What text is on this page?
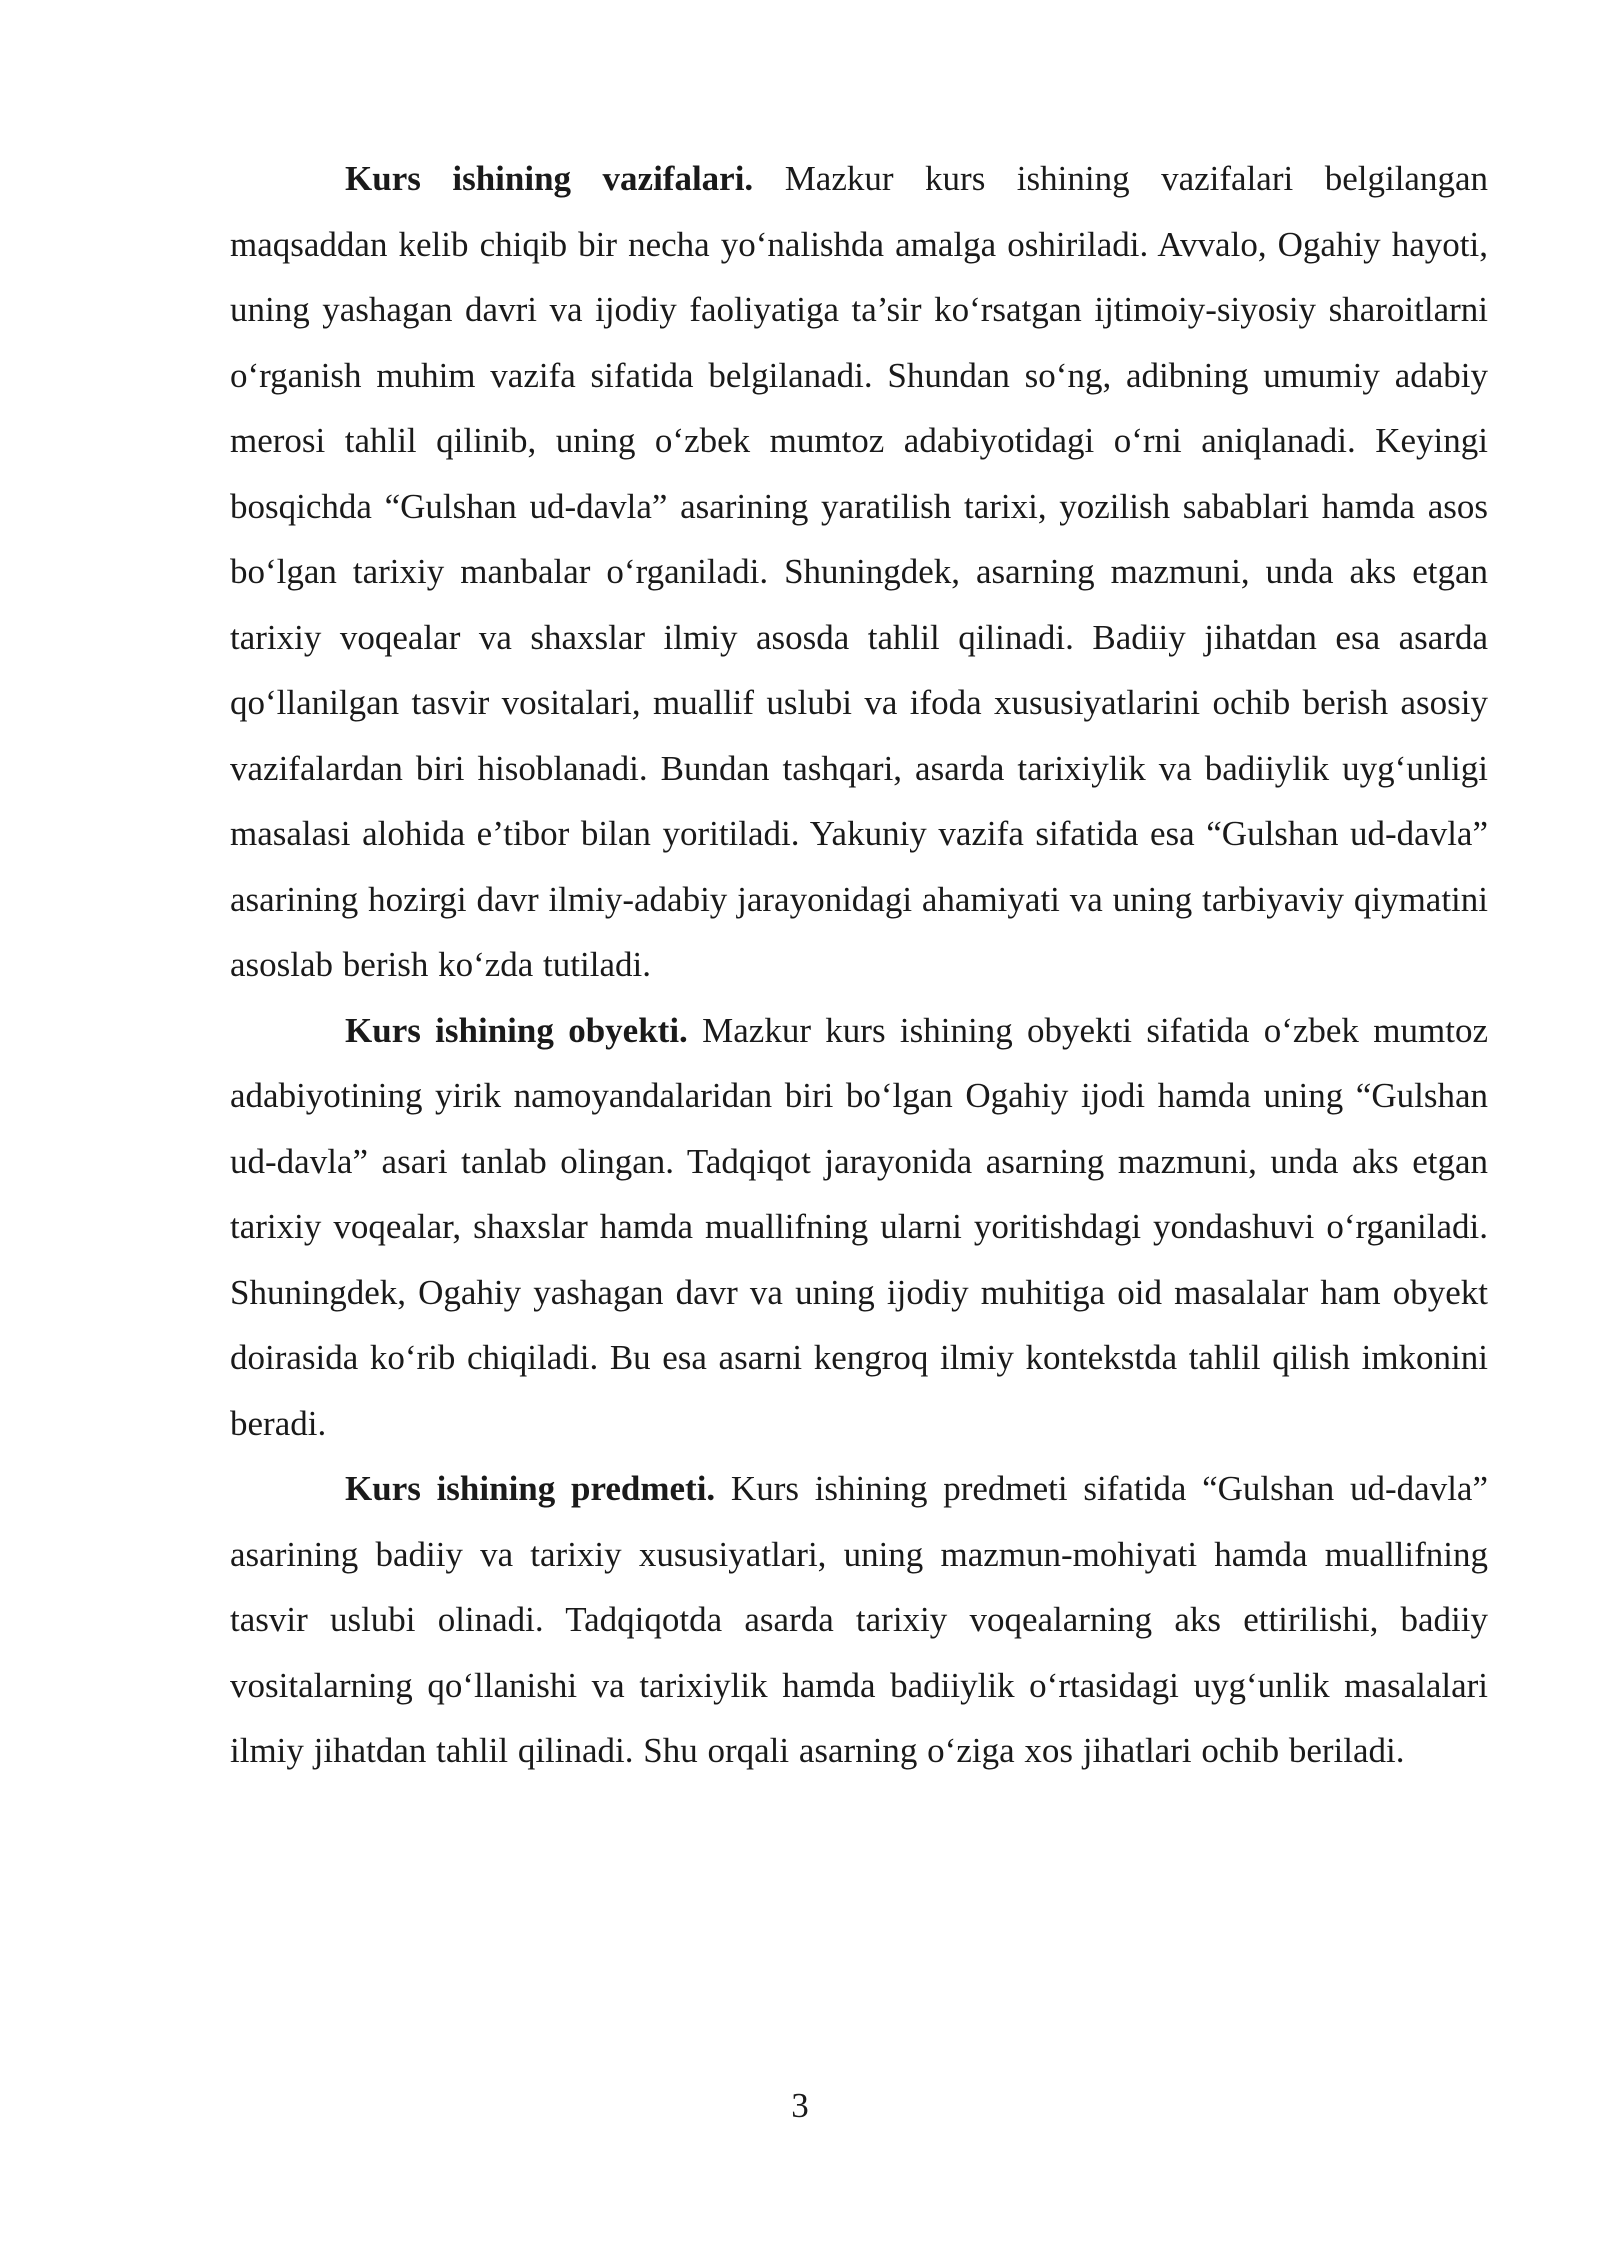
Kurs ishining vazifalari. Mazkur kurs ishining vazifalari belgilangan maqsaddan kelib chiqib bir necha yo‘nalishda amalga oshiriladi. Avvalo, Ogahiy hayoti, uning yashagan davri va ijodiy faoliyatiga ta’sir ko‘rsatgan ijtimoiy-siyosiy sharoitlarni o‘rganish muhim vazifa sifatida belgilanadi. Shundan so‘ng, adibning umumiy adabiy merosi tahlil qilinib, uning o‘zbek mumtoz adabiyotidagi o‘rni aniqlanadi. Keyingi bosqichda “Gulshan ud-davla” asarining yaratilish tarixi, yozilish sabablari hamda asos bo‘lgan tarixiy manbalar o‘rganiladi. Shuningdek, asarning mazmuni, unda aks etgan tarixiy voqealar va shaxslar ilmiy asosda tahlil qilinadi. Badiiy jihatdan esa asarda qo‘llanilgan tasvir vositalari, muallif uslubi va ifoda xususiyatlarini ochib berish asosiy vazifalardan biri hisoblanadi. Bundan tashqari, asarda tarixiylik va badiiylik uyg‘unligi masalasi alohida e’tibor bilan yoritiladi. Yakuniy vazifa sifatida esa “Gulshan ud-davla” asarining hozirgi davr ilmiy-adabiy jarayonidagi ahamiyati va uning tarbiyaviy qiymatini asoslab berish ko‘zda tutiladi.

Kurs ishining obyekti. Mazkur kurs ishining obyekti sifatida o‘zbek mumtoz adabiyotining yirik namoyandalaridan biri bo‘lgan Ogahiy ijodi hamda uning “Gulshan ud-davla” asari tanlab olingan. Tadqiqot jarayonida asarning mazmuni, unda aks etgan tarixiy voqealar, shaxslar hamda muallifning ularni yoritishdagi yondashuvi o‘rganiladi. Shuningdek, Ogahiy yashagan davr va uning ijodiy muhitiga oid masalalar ham obyekt doirasida ko‘rib chiqiladi. Bu esa asarni kengroq ilmiy kontekstda tahlil qilish imkonini beradi.

Kurs ishining predmeti. Kurs ishining predmeti sifatida “Gulshan ud-davla” asarining badiiy va tarixiy xususiyatlari, uning mazmun-mohiyati hamda muallifning tasvir uslubi olinadi. Tadqiqotda asarda tarixiy voqealarning aks ettirilishi, badiiy vositalarning qo‘llanishi va tarixiylik hamda badiiylik o‘rtasidagi uyg‘unlik masalalari ilmiy jihatdan tahlil qilinadi. Shu orqali asarning o‘ziga xos jihatlari ochib beriladi.

3
